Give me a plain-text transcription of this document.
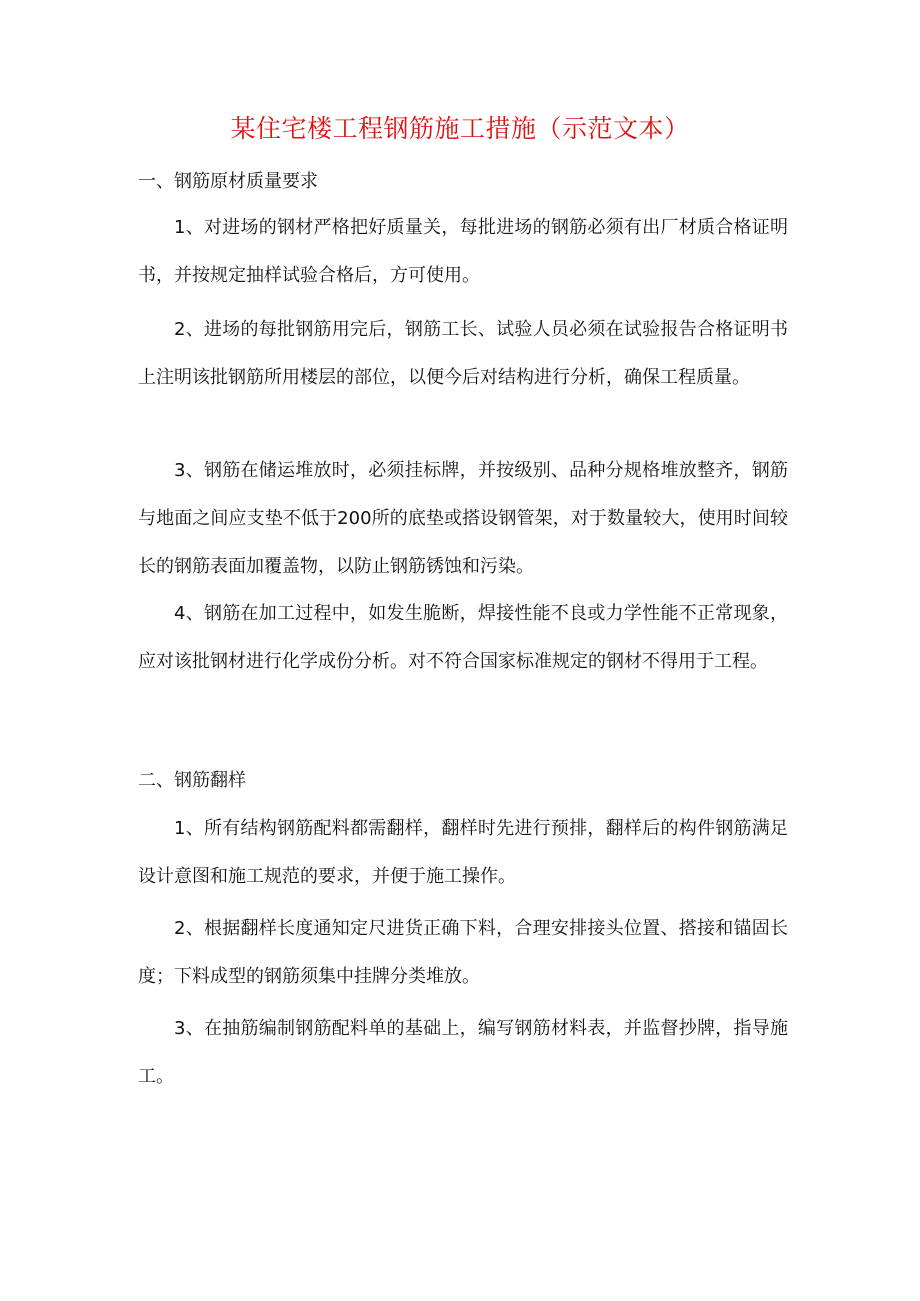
某住宅楼工程钢筋施工措施（示范文本）
一、钢筋原材质量要求

1、对进场的钢材严格把好质量关，每批进场的钢筋必须有出厂材质合格证明书，并按规定抽样试验合格后，方可使用。

2、进场的每批钢筋用完后，钢筋工长、试验人员必须在试验报告合格证明书上注明该批钢筋所用楼层的部位，以便今后对结构进行分析，确保工程质量。

3、钢筋在储运堆放时，必须挂标牌，并按级别、品种分规格堆放整齐，钢筋与地面之间应支垫不低于200所的底垫或搭设钢管架，对于数量较大，使用时间较长的钢筋表面加覆盖物，以防止钢筋锈蚀和污染。

4、钢筋在加工过程中，如发生脆断，焊接性能不良或力学性能不正常现象，应对该批钢材进行化学成份分析。对不符合国家标准规定的钢材不得用于工程。

二、钢筋翻样

1、所有结构钢筋配料都需翻样，翻样时先进行预排，翻样后的构件钢筋满足设计意图和施工规范的要求，并便于施工操作。

2、根据翻样长度通知定尺进货正确下料，合理安排接头位置、搭接和锚固长度；下料成型的钢筋须集中挂牌分类堆放。

3、在抽筋编制钢筋配料单的基础上，编写钢筋材料表，并监督抄牌，指导施工。
